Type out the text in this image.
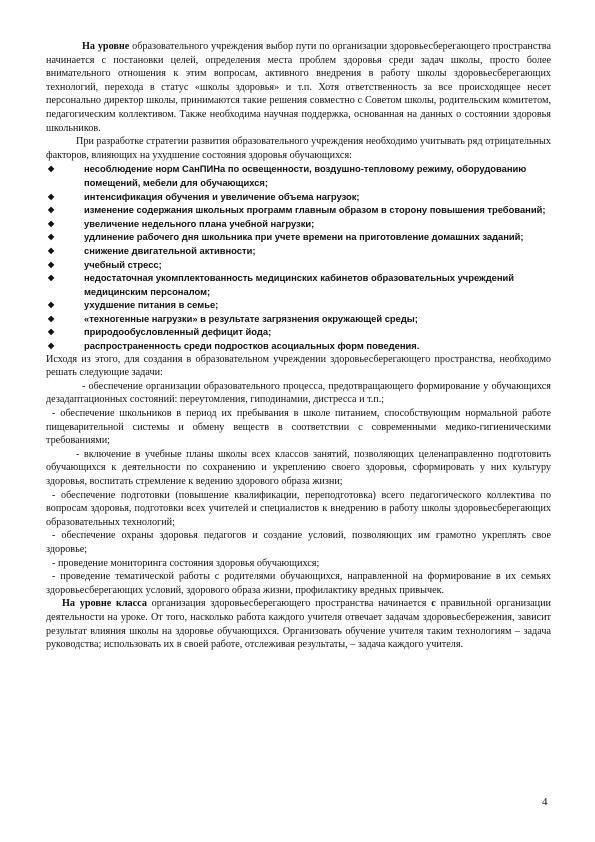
На уровне образовательного учреждения выбор пути по организации здоровьесберегающего пространства начинается с постановки целей, определения места проблем здоровья среди задач школы, просто более внимательного отношения к этим вопросам, активного внедрения в работу школы здоровьесберегающих технологий, перехода в статус «школы здоровья» и т.п. Хотя ответственность за все происходящее несет персонально директор школы, принимаются такие решения совместно с Советом школы, родительским комитетом, педагогическим коллективом. Также необходима научная поддержка, основанная на данных о состоянии здоровья школьников.

При разработке стратегии развития образовательного учреждения необходимо учитывать ряд отрицательных факторов, влияющих на ухудшение состояния здоровья обучающихся:

◆	несоблюдение норм СанПИНа по освещенности, воздушно-тепловому режиму, оборудованию помещений, мебели для обучающихся;
◆	интенсификация обучения и увеличение объема нагрузок;
◆	изменение содержания школьных программ главным образом в сторону повышения требований;
◆	увеличение недельного плана учебной нагрузки;
◆	удлинение рабочего дня школьника при учете времени на приготовление домашних заданий;
◆	снижение двигательной активности;
◆	учебный стресс;
◆	недостаточная укомплектованность медицинских кабинетов образовательных учреждений медицинским персоналом;
◆	ухудшение питания в семье;
◆	«техногенные нагрузки» в результате загрязнения окружающей среды;
◆	природообусловленный дефицит йода;
◆	распространенность среди подростков асоциальных форм поведения.

Исходя из этого, для создания в образовательном учреждении здоровьесберегающего пространства, необходимо решать следующие задачи:

- обеспечение организации образовательного процесса, предотвращающего формирование у обучающихся дезадаптационных состояний: переутомления, гиподинамии, дистресса и т.п.;

- обеспечение школьников в период их пребывания в школе питанием, способствующим нормальной работе пищеварительной системы и обмену веществ в соответствии с современными медико-гигиеническими требованиями;

- включение в учебные планы школы всех классов занятий, позволяющих целенаправленно подготовить обучающихся к деятельности по сохранению и укреплению своего здоровья, сформировать у них культуру здоровья, воспитать стремление к ведению здорового образа жизни;

- обеспечение подготовки (повышение квалификации, переподготовка) всего педагогического коллектива по вопросам здоровья, подготовки всех учителей и специалистов к внедрению в работу школы здоровьесберегающих образовательных технологий;

- обеспечение охраны здоровья педагогов и создание условий, позволяющих им грамотно укреплять свое здоровье;

- проведение мониторинга состояния здоровья обучающихся;

- проведение тематической работы с родителями обучающихся, направленной на формирование в их семьях здоровьесберегающих условий, здорового образа жизни, профилактику вредных привычек.

На уровне класса организация здоровьесберегающего пространства начинается с правильной организации деятельности на уроке. От того, насколько работа каждого учителя отвечает задачам здоровьесбережения, зависит результат влияния школы на здоровье обучающихся. Организовать обучение учителя таким технологиям – задача руководства; использовать их в своей работе, отслеживая результаты, – задача каждого учителя.

4
